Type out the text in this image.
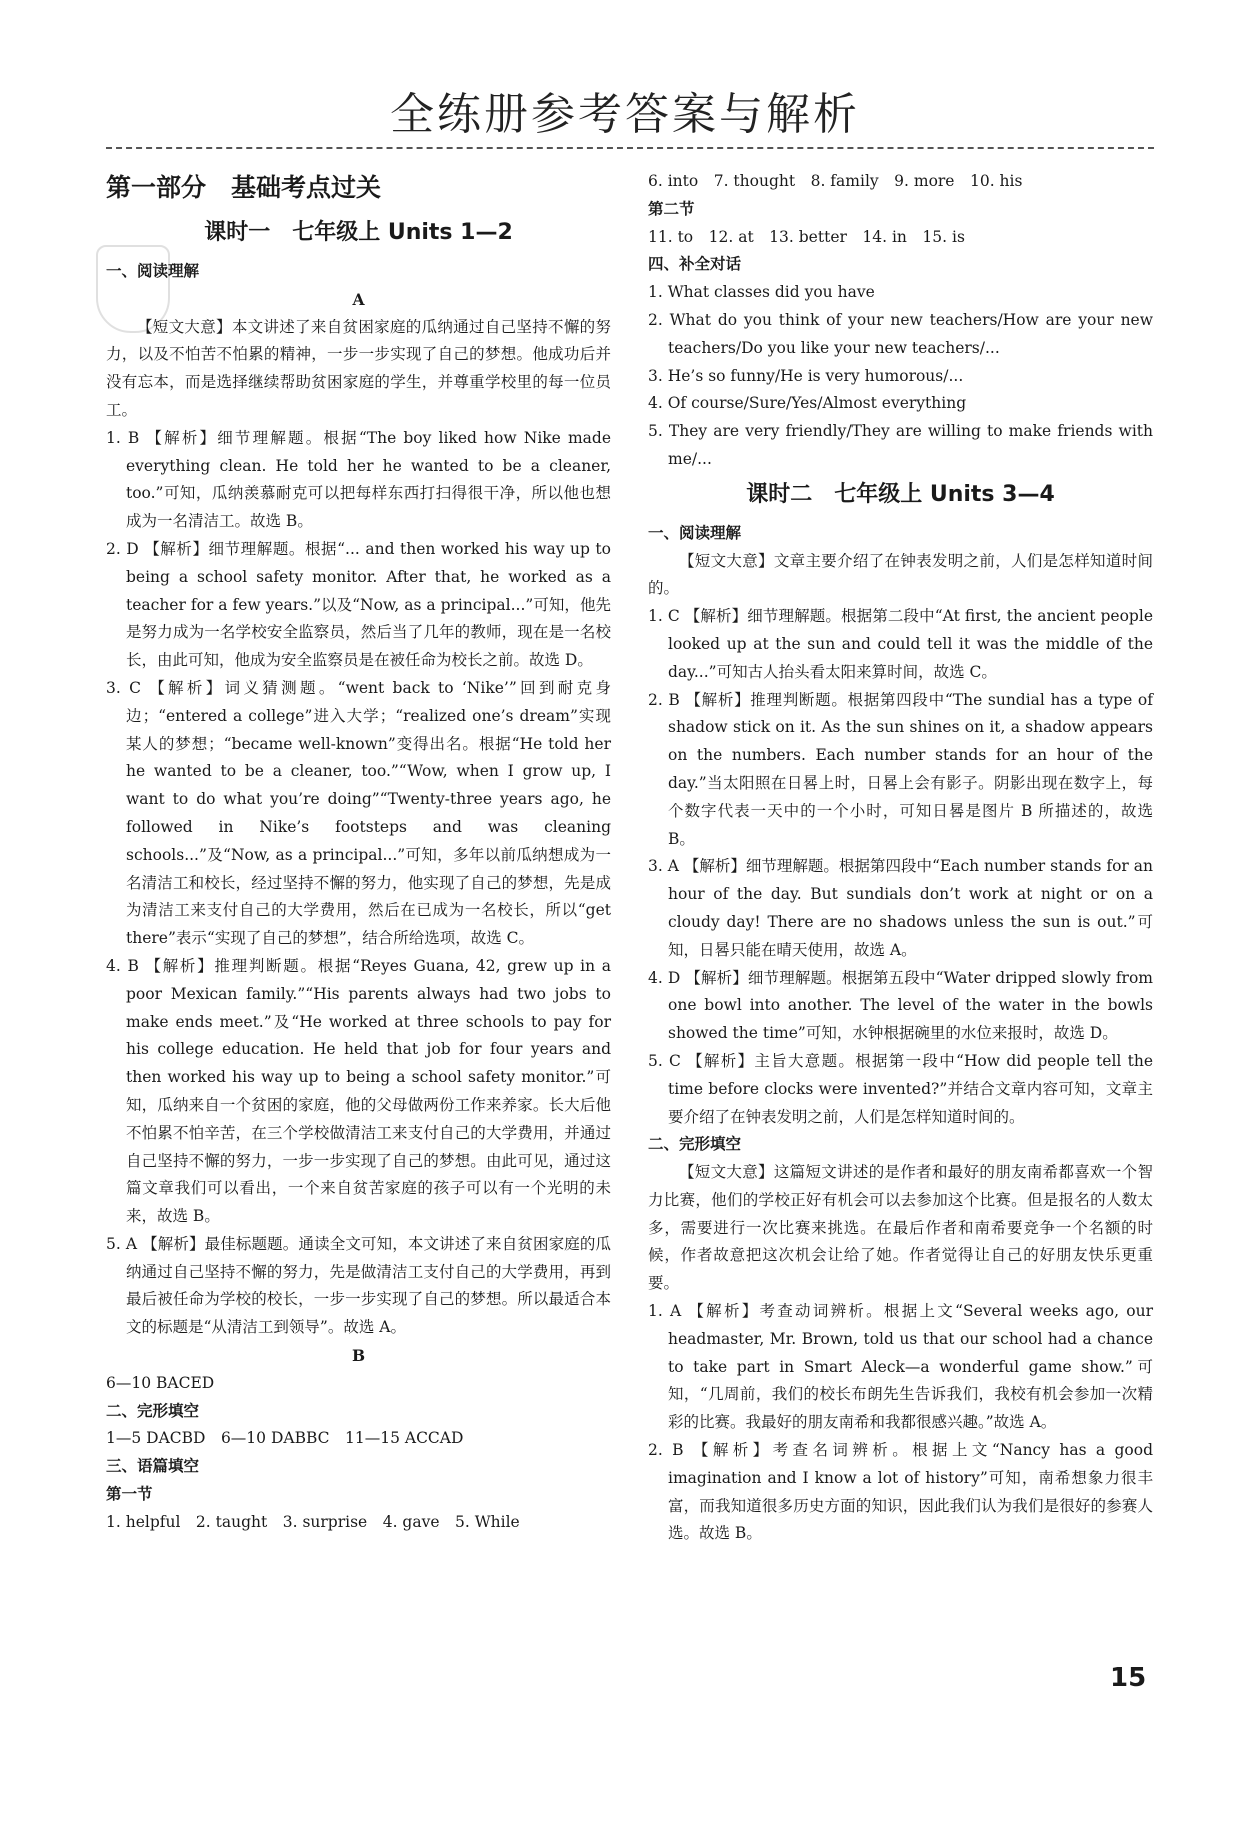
全练册参考答案与解析
第一部分　基础考点过关
课时一　七年级上 Units 1—2

一、阅读理解

A

【短文大意】本文讲述了来自贫困家庭的瓜纳通过自己坚持不懈的努力，以及不怕苦不怕累的精神，一步一步实现了自己的梦想。他成功后并没有忘本，而是选择继续帮助贫困家庭的学生，并尊重学校里的每一位员工。

1. B 【解析】细节理解题。根据“The boy liked how Nike made everything clean. He told her he wanted to be a cleaner, too.”可知，瓜纳羡慕耐克可以把每样东西打扫得很干净，所以他也想成为一名清洁工。故选 B。

2. D 【解析】细节理解题。根据“... and then worked his way up to being a school safety monitor. After that, he worked as a teacher for a few years.”以及“Now, as a principal...”可知，他先是努力成为一名学校安全监察员，然后当了几年的教师，现在是一名校长，由此可知，他成为安全监察员是在被任命为校长之前。故选 D。

3. C 【解析】词义猜测题。“went back to ‘Nike’”回到耐克身边；“entered a college”进入大学；“realized one’s dream”实现某人的梦想；“became well-known”变得出名。根据“He told her he wanted to be a cleaner, too.”“Wow, when I grow up, I want to do what you’re doing”“Twenty-three years ago, he followed in Nike’s footsteps and was cleaning schools...”及“Now, as a principal...”可知，多年以前瓜纳想成为一名清洁工和校长，经过坚持不懈的努力，他实现了自己的梦想，先是成为清洁工来支付自己的大学费用，然后在已成为一名校长，所以“get there”表示“实现了自己的梦想”，结合所给选项，故选 C。

4. B 【解析】推理判断题。根据“Reyes Guana, 42, grew up in a poor Mexican family.”“His parents always had two jobs to make ends meet.”及“He worked at three schools to pay for his college education. He held that job for four years and then worked his way up to being a school safety monitor.”可知，瓜纳来自一个贫困的家庭，他的父母做两份工作来养家。长大后他不怕累不怕辛苦，在三个学校做清洁工来支付自己的大学费用，并通过自己坚持不懈的努力，一步一步实现了自己的梦想。由此可见，通过这篇文章我们可以看出，一个来自贫苦家庭的孩子可以有一个光明的未来，故选 B。

5. A 【解析】最佳标题题。通读全文可知，本文讲述了来自贫困家庭的瓜纳通过自己坚持不懈的努力，先是做清洁工支付自己的大学费用，再到最后被任命为学校的校长，一步一步实现了自己的梦想。所以最适合本文的标题是“从清洁工到领导”。故选 A。

B

6—10 BACED

二、完形填空

1—5 DACBD　6—10 DABBC　11—15 ACCAD

三、语篇填空

第一节

1. helpful　2. taught　3. surprise　4. gave　5. While

6. into　7. thought　8. family　9. more　10. his

第二节

11. to　12. at　13. better　14. in　15. is

四、补全对话

1. What classes did you have

2. What do you think of your new teachers/How are your new teachers/Do you like your new teachers/...

3. He’s so funny/He is very humorous/...

4. Of course/Sure/Yes/Almost everything

5. They are very friendly/They are willing to make friends with me/...

课时二　七年级上 Units 3—4

一、阅读理解

【短文大意】文章主要介绍了在钟表发明之前，人们是怎样知道时间的。

1. C 【解析】细节理解题。根据第二段中“At first, the ancient people looked up at the sun and could tell it was the middle of the day...”可知古人抬头看太阳来算时间，故选 C。

2. B 【解析】推理判断题。根据第四段中“The sundial has a type of shadow stick on it. As the sun shines on it, a shadow appears on the numbers. Each number stands for an hour of the day.”当太阳照在日晷上时，日晷上会有影子。阴影出现在数字上，每个数字代表一天中的一个小时，可知日晷是图片 B 所描述的，故选 B。

3. A 【解析】细节理解题。根据第四段中“Each number stands for an hour of the day. But sundials don’t work at night or on a cloudy day! There are no shadows unless the sun is out.”可知，日晷只能在晴天使用，故选 A。

4. D 【解析】细节理解题。根据第五段中“Water dripped slowly from one bowl into another. The level of the water in the bowls showed the time”可知，水钟根据碗里的水位来报时，故选 D。

5. C 【解析】主旨大意题。根据第一段中“How did people tell the time before clocks were invented?”并结合文章内容可知，文章主要介绍了在钟表发明之前，人们是怎样知道时间的。

二、完形填空

【短文大意】这篇短文讲述的是作者和最好的朋友南希都喜欢一个智力比赛，他们的学校正好有机会可以去参加这个比赛。但是报名的人数太多，需要进行一次比赛来挑选。在最后作者和南希要竞争一个名额的时候，作者故意把这次机会让给了她。作者觉得让自己的好朋友快乐更重要。

1. A 【解析】考查动词辨析。根据上文“Several weeks ago, our headmaster, Mr. Brown, told us that our school had a chance to take part in Smart Aleck—a wonderful game show.”可知，“几周前，我们的校长布朗先生告诉我们，我校有机会参加一次精彩的比赛。我最好的朋友南希和我都很感兴趣。”故选 A。

2. B 【解析】考查名词辨析。根据上文“Nancy has a good imagination and I know a lot of history”可知，南希想象力很丰富，而我知道很多历史方面的知识，因此我们认为我们是很好的参赛人选。故选 B。

15
